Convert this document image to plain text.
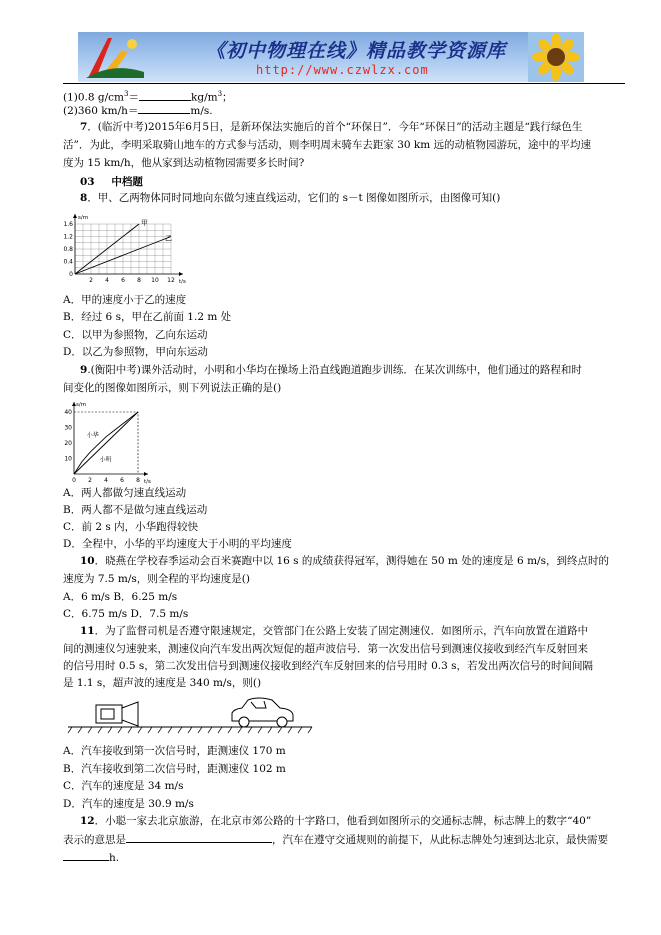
《初中物理在线》精品教学资源库
http://www.czwlzx.com
(1)0.8 $g/cm^3=$	$kg/m^3$；
(2)360 km/h＝	m/s.
7．(临沂中考)2015年6月5日，是新环保法实施后的首个“环保日”．今年“环保日”的活动主题是“践行绿色生
活”．为此，李明采取骑山地车的方式参与活动，则李明周末骑车去距家 30 km 远的动植物园游玩，途中的平均速
度为 15 km/h，他从家到达动植物园需要多长时间?
03 中档题
8．甲、乙两物体同时同地向东做匀速直线运动，它们的 s－t 图像如图所示，由图像可知()
s/m
t/s
2 4 6 8 10 12
0
0.4
0.8
1.2
1.6	甲
乙
A．甲的速度小于乙的速度
B．经过 6 s，甲在乙前面 1.2 m 处
C．以甲为参照物，乙向东运动
D．以乙为参照物，甲向东运动
9.(衡阳中考)课外活动时，小明和小华均在操场上沿直线跑道跑步训练．在某次训练中，他们通过的路程和时
间变化的图像如图所示，则下列说法正确的是()
s/m
t/s
0 2 4 6 8
10
20
30
40
小华
小明
A．两人都做匀速直线运动
B．两人都不是做匀速直线运动
C．前 2 s 内，小华跑得较快
D．全程中，小华的平均速度大于小明的平均速度
10．晓燕在学校春季运动会百米赛跑中以 16 s 的成绩获得冠军，测得她在 50 m 处的速度是 6 m/s，到终点时的
速度为 7.5 m/s，则全程的平均速度是()
A．6 m/s B．6.25 m/s
C．6.75 m/s D．7.5 m/s
11．为了监督司机是否遵守限速规定，交管部门在公路上安装了固定测速仪．如图所示，汽车向放置在道路中
间的测速仪匀速驶来，测速仪向汽车发出两次短促的超声波信号．第一次发出信号到测速仪接收到经汽车反射回来
的信号用时 0.5 s，第二次发出信号到测速仪接收到经汽车反射回来的信号用时 0.3 s，若发出两次信号的时间间隔
是 1.1 s，超声波的速度是 340 m/s，则()
A．汽车接收到第一次信号时，距测速仪 170 m
B．汽车接收到第二次信号时，距测速仪 102 m
C．汽车的速度是 34 m/s
D．汽车的速度是 30.9 m/s
12．小聪一家去北京旅游，在北京市郊公路的十字路口，他看到如图所示的交通标志牌，标志牌上的数字“40”
表示的意思是	，汽车在遵守交通规则的前提下，从此标志牌处匀速到达北京，最快需要
h.
